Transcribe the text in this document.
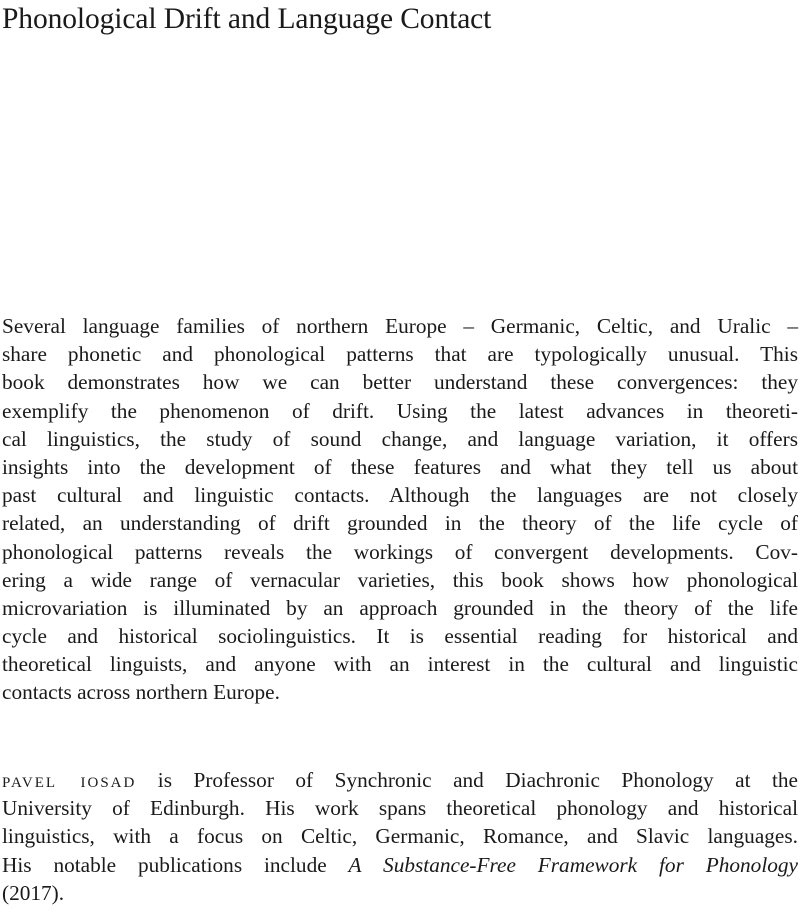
Phonological Drift and Language Contact
Several language families of northern Europe – Germanic, Celtic, and Uralic –
share phonetic and phonological patterns that are typologically unusual. This
book demonstrates how we can better understand these convergences: they
exemplify the phenomenon of drift. Using the latest advances in theoreti-
cal linguistics, the study of sound change, and language variation, it offers
insights into the development of these features and what they tell us about
past cultural and linguistic contacts. Although the languages are not closely
related, an understanding of drift grounded in the theory of the life cycle of
phonological patterns reveals the workings of convergent developments. Cov-
ering a wide range of vernacular varieties, this book shows how phonological
microvariation is illuminated by an approach grounded in the theory of the life
cycle and historical sociolinguistics. It is essential reading for historical and
theoretical linguists, and anyone with an interest in the cultural and linguistic
contacts across northern Europe.
pavel iosad is Professor of Synchronic and Diachronic Phonology at the
University of Edinburgh. His work spans theoretical phonology and historical
linguistics, with a focus on Celtic, Germanic, Romance, and Slavic languages.
His notable publications include A Substance-Free Framework for Phonology
(2017).
